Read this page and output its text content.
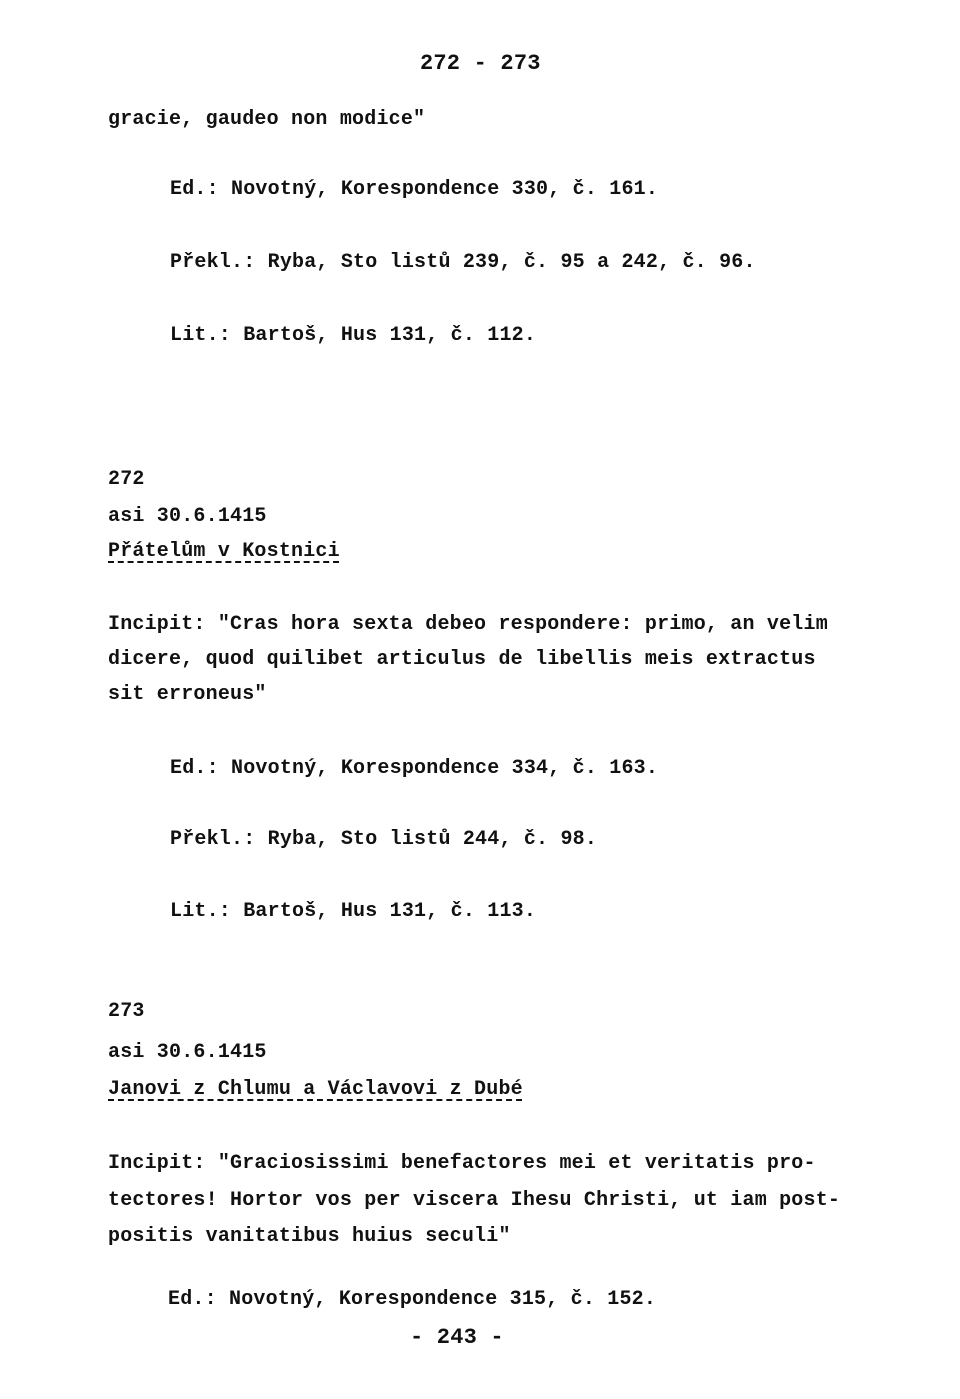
272 - 273
gracie, gaudeo non modice"
Ed.: Novotný, Korespondence 330, č. 161.
Překl.: Ryba, Sto listů 239, č. 95 a 242, č. 96.
Lit.: Bartoš, Hus 131, č. 112.
272
asi 30.6.1415
Přátelům v Kostnici
Incipit: "Cras hora sexta debeo respondere: primo, an velim
dicere, quod quilibet articulus de libellis meis extractus
sit erroneus"
Ed.: Novotný, Korespondence 334, č. 163.
Překl.: Ryba, Sto listů 244, č. 98.
Lit.: Bartoš, Hus 131, č. 113.
273
asi 30.6.1415
Janovi z Chlumu a Václavovi z Dubé
Incipit: "Graciosissimi benefactores mei et veritatis pro-
tectores! Hortor vos per viscera Ihesu Christi, ut iam post-
positis vanitatibus huius seculi"
Ed.: Novotný, Korespondence 315, č. 152.
- 243 -
